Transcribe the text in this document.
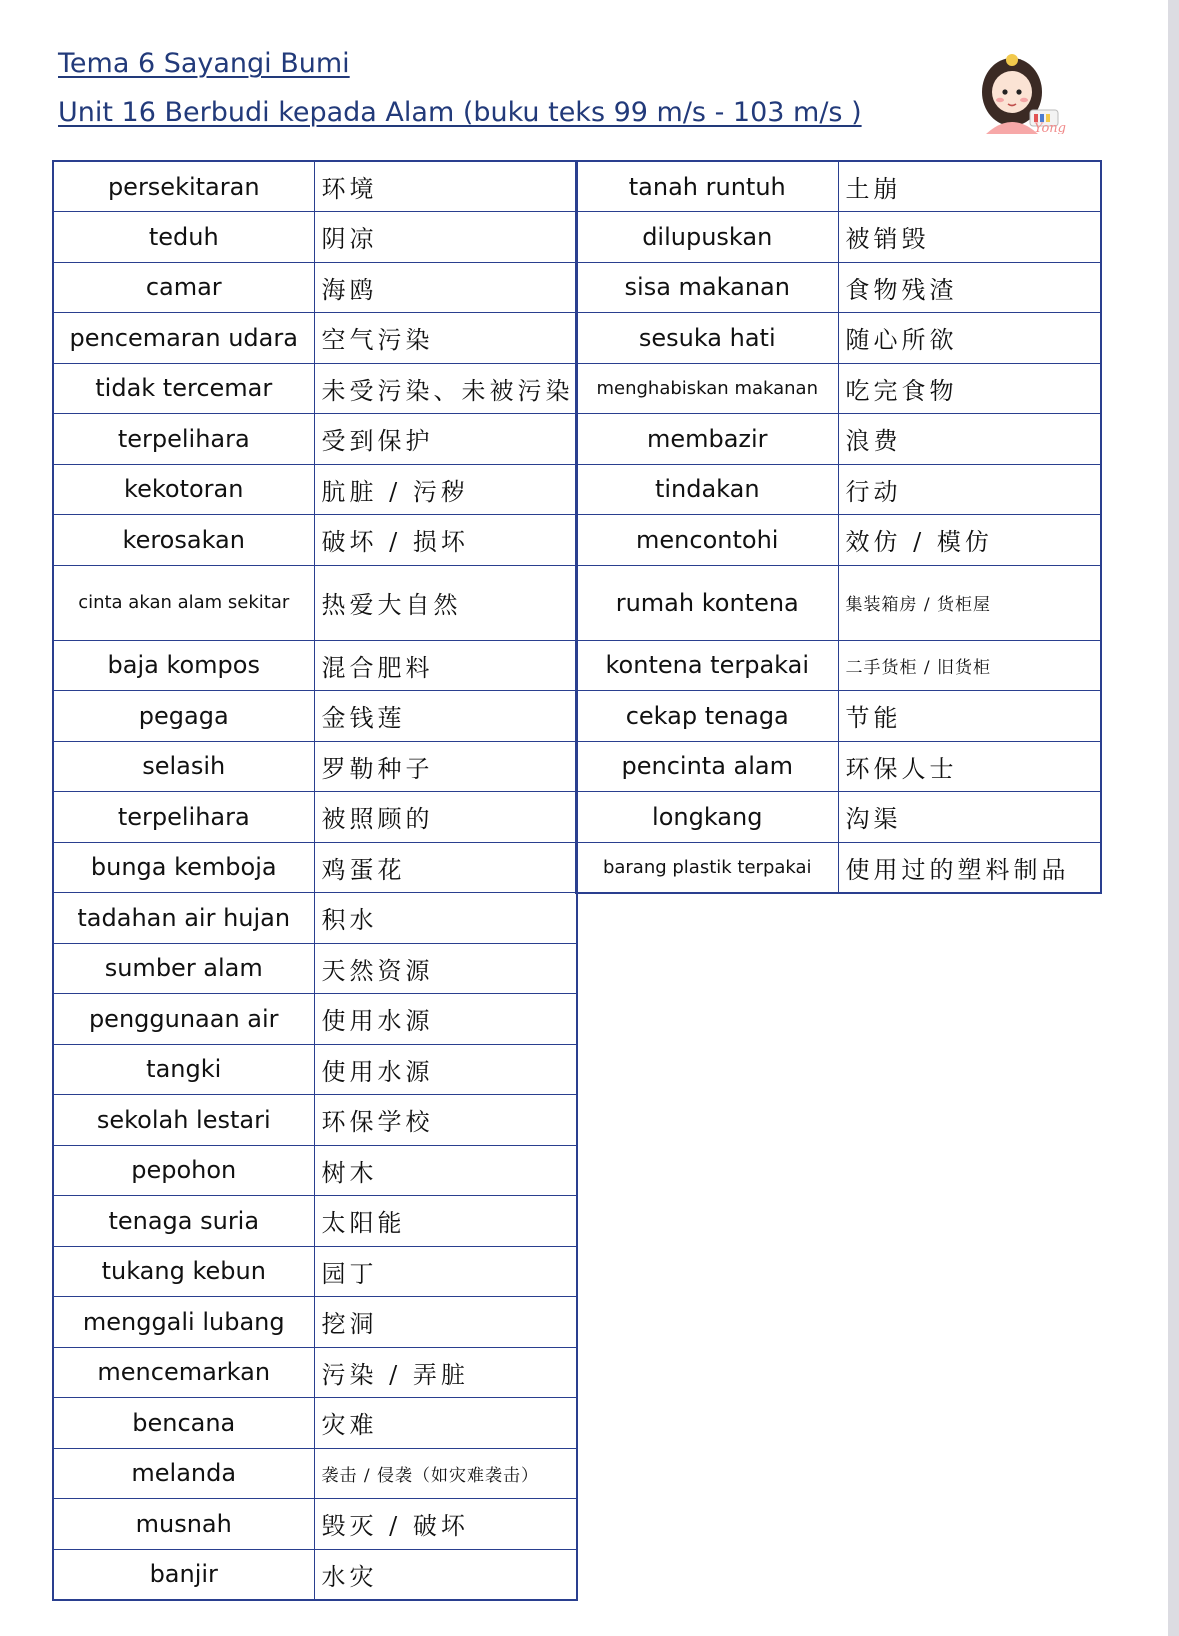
Tema 6 Sayangi Bumi
Unit 16 Berbudi kepada Alam (buku teks 99 m/s - 103 m/s )
Yong
persekitaran	环境
teduh	阴凉
camar	海鸥
pencemaran udara	空气污染
tidak tercemar	未受污染、未被污染
terpelihara	受到保护
kekotoran	肮脏 / 污秽
kerosakan	破坏 / 损坏
cinta akan alam sekitar	热爱大自然
baja kompos	混合肥料
pegaga	金钱莲
selasih	罗勒种子
terpelihara	被照顾的
bunga kemboja	鸡蛋花
tadahan air hujan	积水
sumber alam	天然资源
penggunaan air	使用水源
tangki	使用水源
sekolah lestari	环保学校
pepohon	树木
tenaga suria	太阳能
tukang kebun	园丁
menggali lubang	挖洞
mencemarkan	污染 / 弄脏
bencana	灾难
melanda	袭击 / 侵袭（如灾难袭击）
musnah	毁灭 / 破坏
banjir	水灾
tanah runtuh	土崩
dilupuskan	被销毁
sisa makanan	食物残渣
sesuka hati	随心所欲
menghabiskan makanan	吃完食物
membazir	浪费
tindakan	行动
mencontohi	效仿 / 模仿
rumah kontena	集装箱房 / 货柜屋
kontena terpakai	二手货柜 / 旧货柜
cekap tenaga	节能
pencinta alam	环保人士
longkang	沟渠
barang plastik terpakai	使用过的塑料制品
